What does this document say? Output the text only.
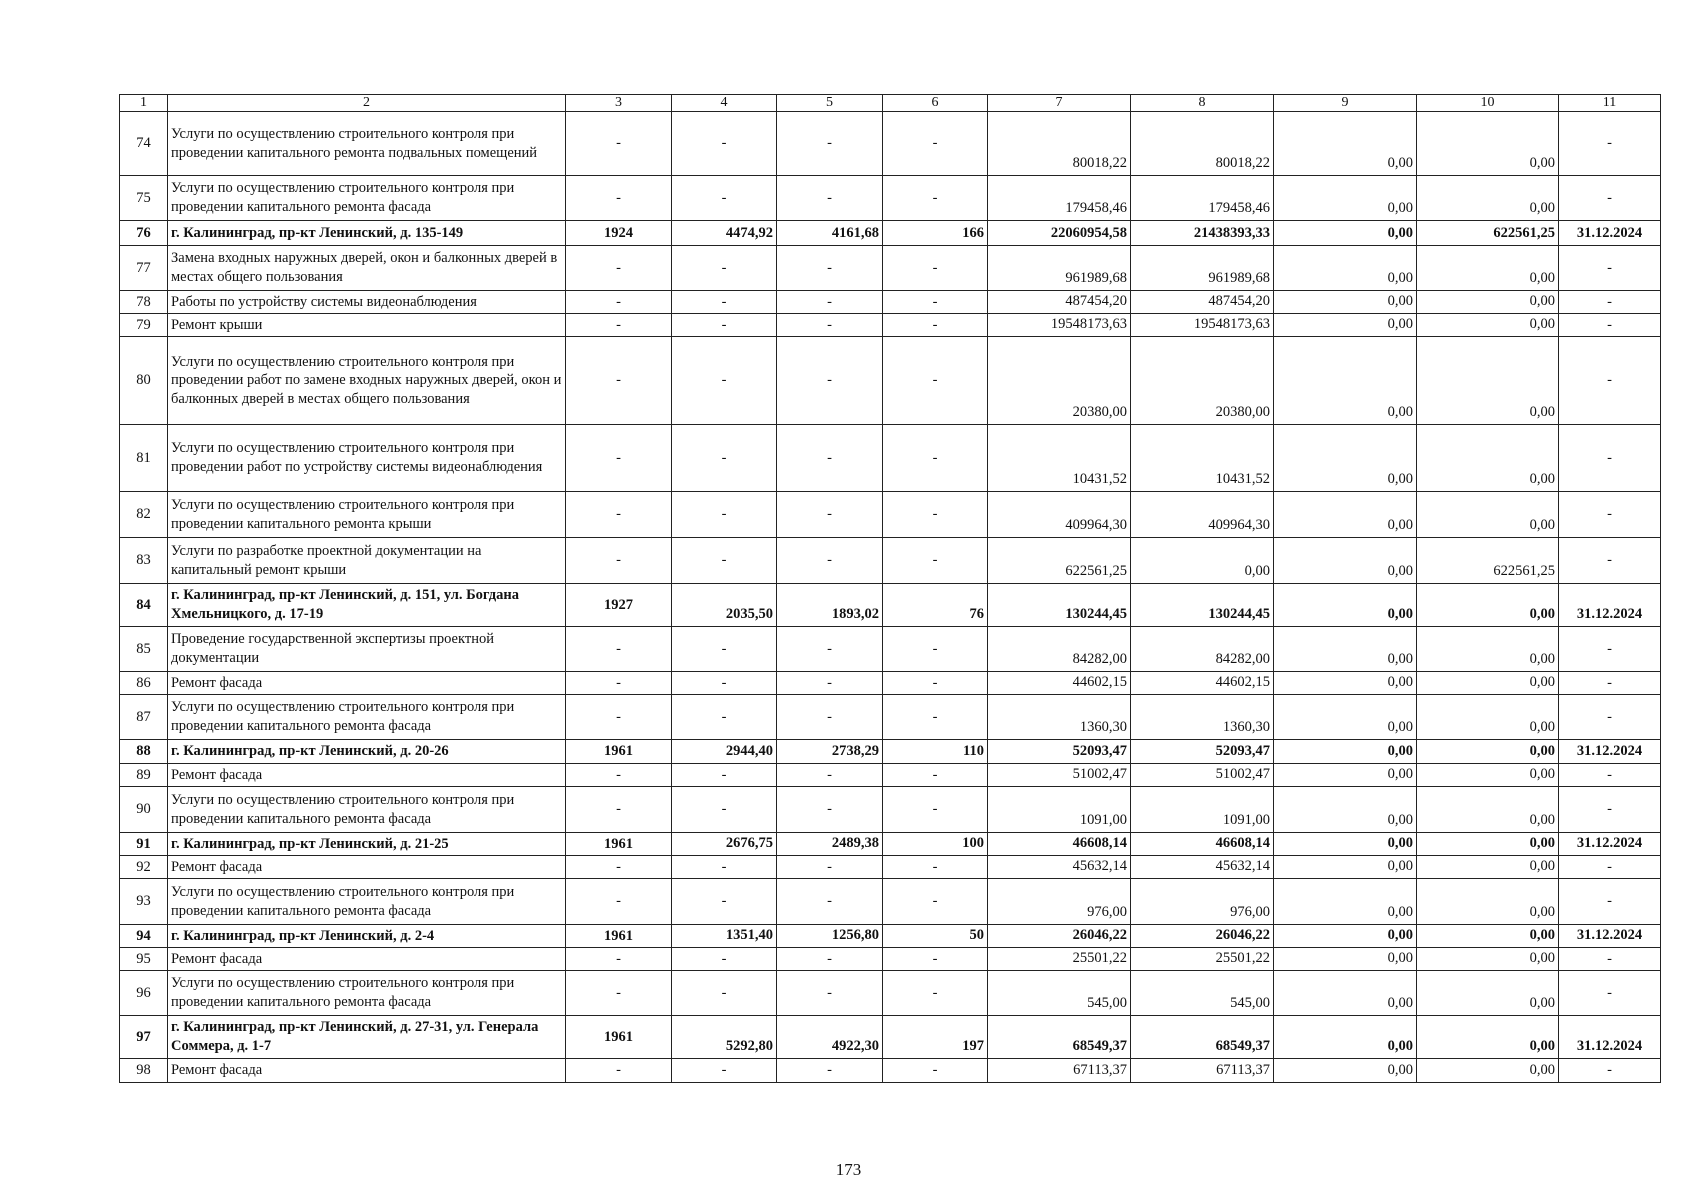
1	2	3	4	5	6	7	8	9	10	11
74	Услуги по осуществлению строительного контроля при проведении капитального ремонта подвальных помещений	-	-	-	-	80018,22	80018,22	0,00	0,00	-
75	Услуги по осуществлению строительного контроля при проведении капитального ремонта фасада	-	-	-	-	179458,46	179458,46	0,00	0,00	-
76	г. Калининград, пр-кт Ленинский, д. 135-149	1924	4474,92	4161,68	166	22060954,58	21438393,33	0,00	622561,25	31.12.2024
77	Замена входных наружных дверей, окон и балконных дверей в местах общего пользования	-	-	-	-	961989,68	961989,68	0,00	0,00	-
78	Работы по устройству системы видеонаблюдения	-	-	-	-	487454,20	487454,20	0,00	0,00	-
79	Ремонт крыши	-	-	-	-	19548173,63	19548173,63	0,00	0,00	-
80	Услуги по осуществлению строительного контроля при проведении работ по замене входных наружных дверей, окон и балконных дверей в местах общего пользования	-	-	-	-	20380,00	20380,00	0,00	0,00	-
81	Услуги по осуществлению строительного контроля при проведении работ по устройству системы видеонаблюдения	-	-	-	-	10431,52	10431,52	0,00	0,00	-
82	Услуги по осуществлению строительного контроля при проведении капитального ремонта крыши	-	-	-	-	409964,30	409964,30	0,00	0,00	-
83	Услуги по разработке проектной документации на капитальный ремонт крыши	-	-	-	-	622561,25	0,00	0,00	622561,25	-
84	г. Калининград, пр-кт Ленинский, д. 151, ул. Богдана Хмельницкого, д. 17-19	1927	2035,50	1893,02	76	130244,45	130244,45	0,00	0,00	31.12.2024
85	Проведение государственной экспертизы проектной документации	-	-	-	-	84282,00	84282,00	0,00	0,00	-
86	Ремонт фасада	-	-	-	-	44602,15	44602,15	0,00	0,00	-
87	Услуги по осуществлению строительного контроля при проведении капитального ремонта фасада	-	-	-	-	1360,30	1360,30	0,00	0,00	-
88	г. Калининград, пр-кт Ленинский, д. 20-26	1961	2944,40	2738,29	110	52093,47	52093,47	0,00	0,00	31.12.2024
89	Ремонт фасада	-	-	-	-	51002,47	51002,47	0,00	0,00	-
90	Услуги по осуществлению строительного контроля при проведении капитального ремонта фасада	-	-	-	-	1091,00	1091,00	0,00	0,00	-
91	г. Калининград, пр-кт Ленинский, д. 21-25	1961	2676,75	2489,38	100	46608,14	46608,14	0,00	0,00	31.12.2024
92	Ремонт фасада	-	-	-	-	45632,14	45632,14	0,00	0,00	-
93	Услуги по осуществлению строительного контроля при проведении капитального ремонта фасада	-	-	-	-	976,00	976,00	0,00	0,00	-
94	г. Калининград, пр-кт Ленинский, д. 2-4	1961	1351,40	1256,80	50	26046,22	26046,22	0,00	0,00	31.12.2024
95	Ремонт фасада	-	-	-	-	25501,22	25501,22	0,00	0,00	-
96	Услуги по осуществлению строительного контроля при проведении капитального ремонта фасада	-	-	-	-	545,00	545,00	0,00	0,00	-
97	г. Калининград, пр-кт Ленинский, д. 27-31, ул. Генерала Соммера, д. 1-7	1961	5292,80	4922,30	197	68549,37	68549,37	0,00	0,00	31.12.2024
98	Ремонт фасада	-	-	-	-	67113,37	67113,37	0,00	0,00	-
173
